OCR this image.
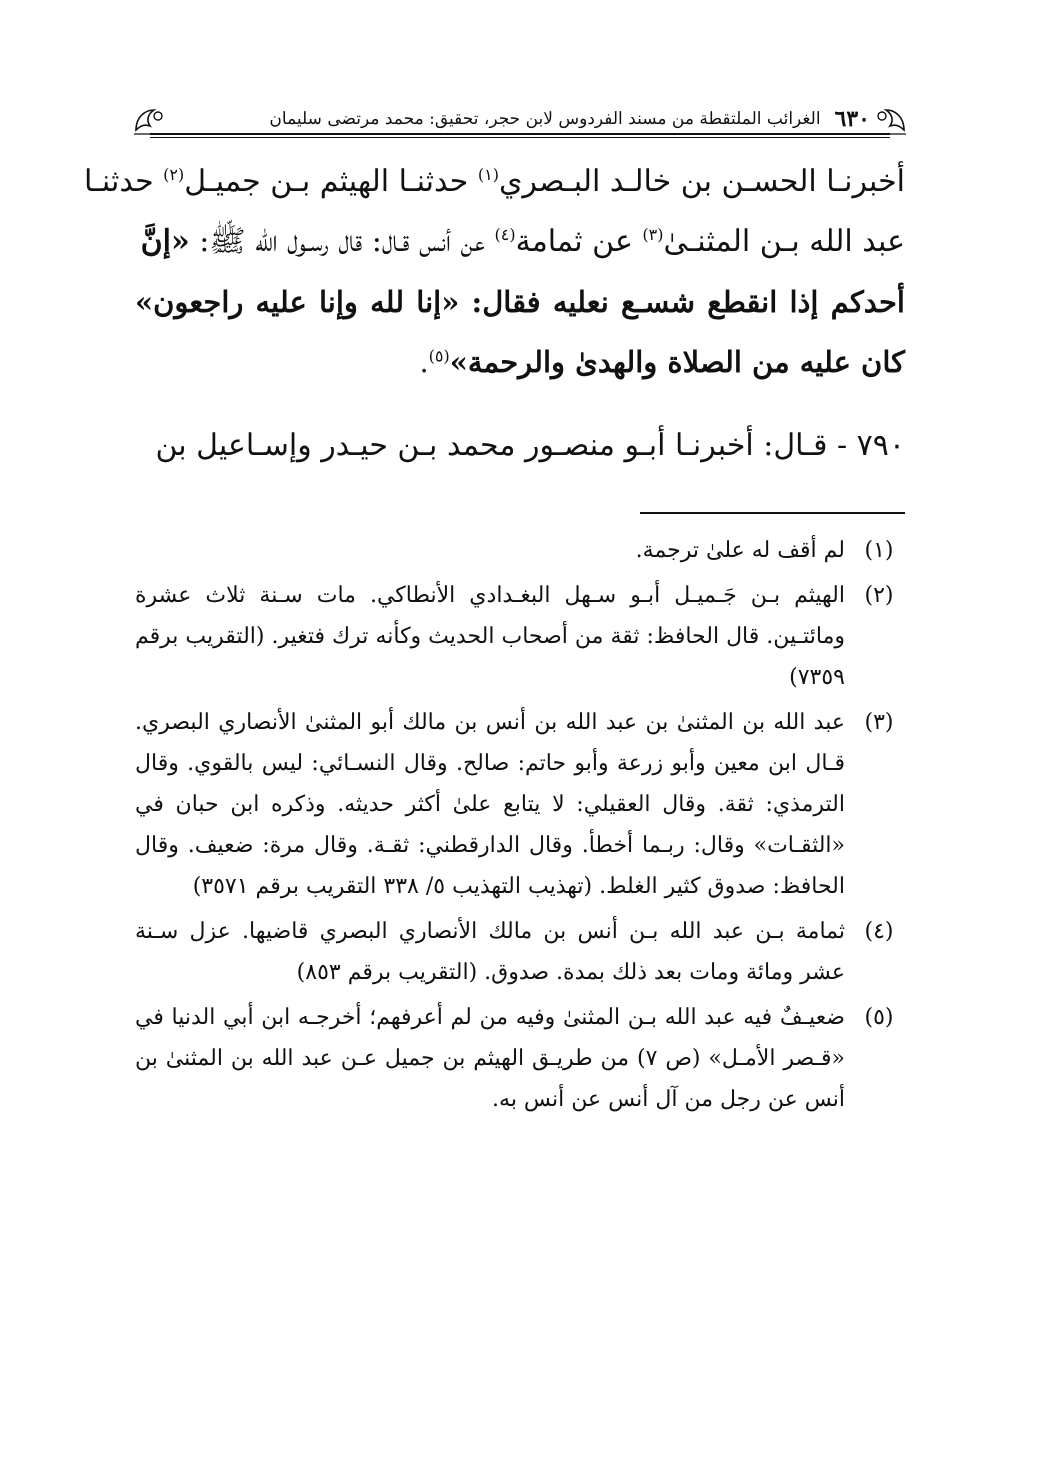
٦٣٠
الغرائب الملتقطة من مسند الفردوس لابن حجر، تحقيق: محمد مرتضى سليمان
أخبرنـا الحسـن بن خالـد البـصري$^{(١)}$ حدثنـا الهيثم بـن جميـل$^{(٢)}$ حدثنـا
عبد الله بـن المثنـىٰ$^{(٣)}$ عن ثمامة$^{(٤)}$ عن أنس قـال: قال رسـول الله ﷺ: «إنَّ
أحدكم إذا انقطع شسـع نعليه فقال: «إنا لله وإنا عليه راجعون» كان عليه من الصلاة والهدىٰ والرحمة»$^{(٥)}$.
٧٩٠ - قـال: أخبرنـا أبـو منصـور محمد بـن حيـدر وإسـاعيل بن
(١)
لم أقف له علىٰ ترجمة.
(٢)
الهيثم بـن جَـميـل أبـو سـهل البغـدادي الأنطاكي. مات سـنة ثلاث عشرة ومائتـين. قال الحافظ: ثقة من أصحاب الحديث وكأنه ترك فتغير. (التقريب برقم ٧٣٥٩)
(٣)
عبد الله بن المثنىٰ بن عبد الله بن أنس بن مالك أبو المثنىٰ الأنصاري البصري. قـال ابن معين وأبو زرعة وأبو حاتم: صالح. وقال النسـائي: ليس بالقوي. وقال الترمذي: ثقة. وقال العقيلي: لا يتابع علىٰ أكثر حديثه. وذكره ابن حبان في «الثقـات» وقال: ربـما أخطأ. وقال الدارقطني: ثقـة. وقال مرة: ضعيف. وقال الحافظ: صدوق كثير الغلط. (تهذيب التهذيب ٥/ ٣٣٨ التقريب برقم ٣٥٧١)
(٤)
ثمامة بـن عبد الله بـن أنس بن مالك الأنصاري البصري قاضيها. عزل سـنة عشر ومائة ومات بعد ذلك بمدة. صدوق. (التقريب برقم ٨٥٣)
(٥)
ضعيـفٌ فيه عبد الله بـن المثنىٰ وفيه من لم أعرفهم؛ أخرجـه ابن أبي الدنيا في «قـصر الأمـل» (ص ٧) من طريـق الهيثم بن جميل عـن عبد الله بن المثنىٰ بن أنس عن رجل من آل أنس عن أنس به.
